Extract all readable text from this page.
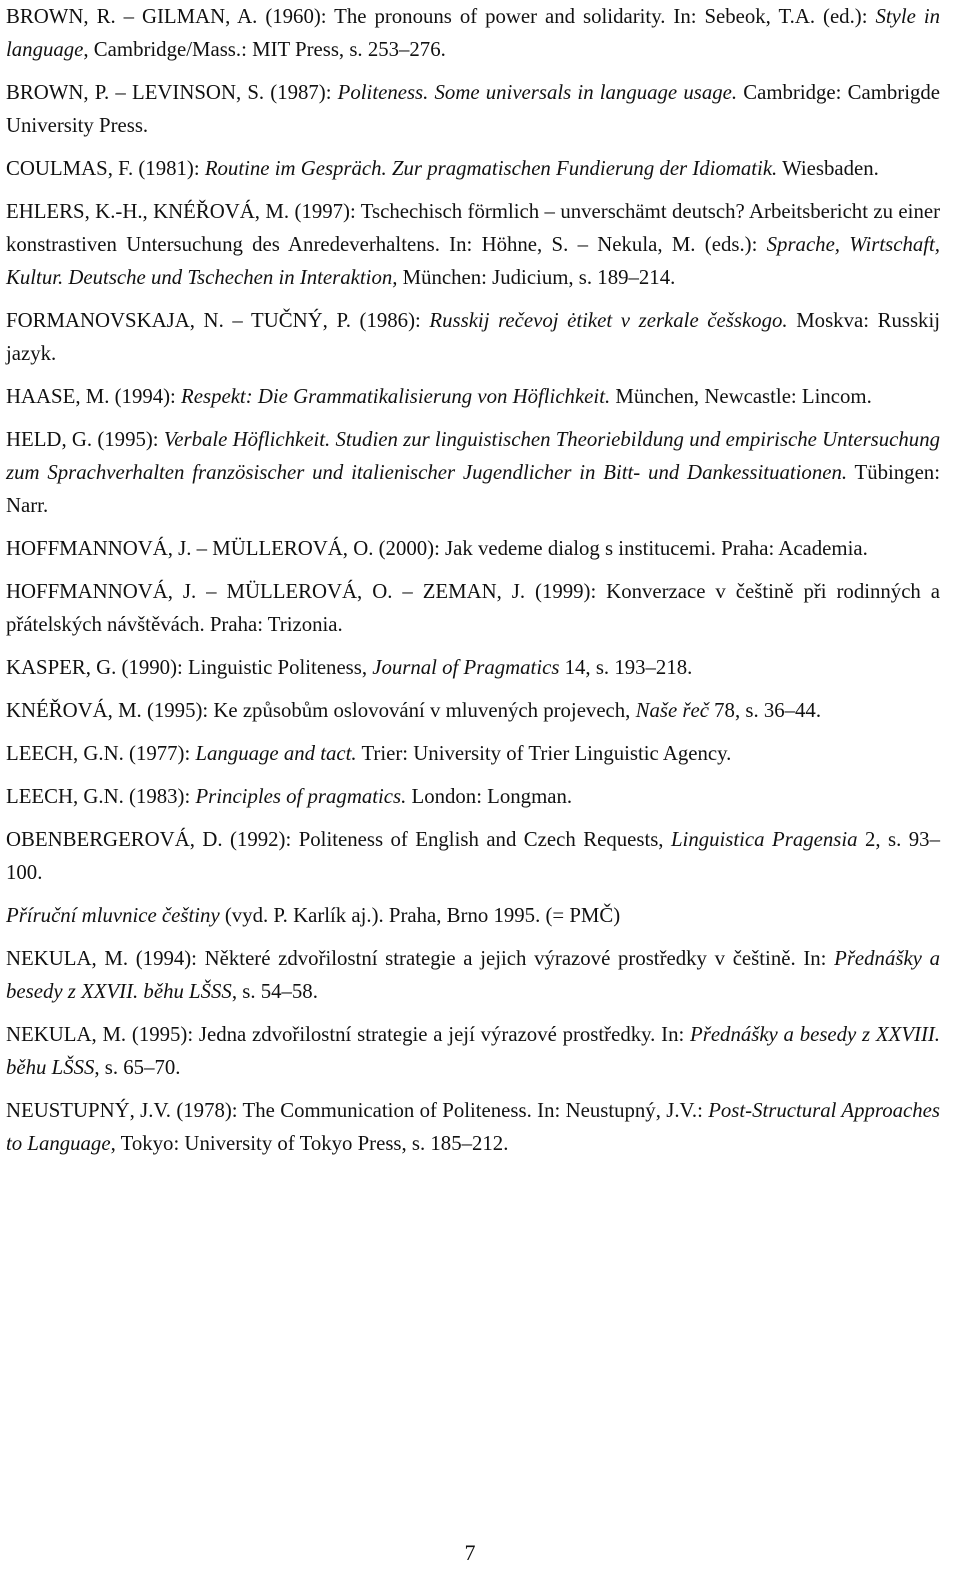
BROWN, R. – GILMAN, A. (1960): The pronouns of power and solidarity. In: Sebeok, T.A. (ed.): Style in language, Cambridge/Mass.: MIT Press, s. 253–276.

BROWN, P. – LEVINSON, S. (1987): Politeness. Some universals in language usage. Cambridge: Cambrigde University Press.

COULMAS, F. (1981): Routine im Gespräch. Zur pragmatischen Fundierung der Idiomatik. Wiesbaden.

EHLERS, K.-H., KNÉŘOVÁ, M. (1997): Tschechisch förmlich – unverschämt deutsch? Arbeitsbericht zu einer konstrastiven Untersuchung des Anredeverhaltens. In: Höhne, S. – Nekula, M. (eds.): Sprache, Wirtschaft, Kultur. Deutsche und Tschechen in Interaktion, München: Judicium, s. 189–214.

FORMANOVSKAJA, N. – TUČNÝ, P. (1986): Russkij rečevoj ėtiket v zerkale češskogo. Moskva: Russkij jazyk.

HAASE, M. (1994): Respekt: Die Grammatikalisierung von Höflichkeit. München, Newcastle: Lincom.

HELD, G. (1995): Verbale Höflichkeit. Studien zur linguistischen Theoriebildung und empirische Untersuchung zum Sprachverhalten französischer und italienischer Jugendlicher in Bitt- und Dankessituationen. Tübingen: Narr.

HOFFMANNOVÁ, J. – MÜLLEROVÁ, O. (2000): Jak vedeme dialog s institucemi. Praha: Academia.

HOFFMANNOVÁ, J. – MÜLLEROVÁ, O. – ZEMAN, J. (1999): Konverzace v češtině při rodinných a přátelských návštěvách. Praha: Trizonia.

KASPER, G. (1990): Linguistic Politeness, Journal of Pragmatics 14, s. 193–218.

KNÉŘOVÁ, M. (1995): Ke způsobům oslovování v mluvených projevech, Naše řeč 78, s. 36–44.

LEECH, G.N. (1977): Language and tact. Trier: University of Trier Linguistic Agency.

LEECH, G.N. (1983): Principles of pragmatics. London: Longman.

OBENBERGEROVÁ, D. (1992): Politeness of English and Czech Requests, Linguistica Pragensia 2, s. 93–100.

Příruční mluvnice češtiny (vyd. P. Karlík aj.). Praha, Brno 1995. (= PMČ)

NEKULA, M. (1994): Některé zdvořilostní strategie a jejich výrazové prostředky v češtině. In: Přednášky a besedy z XXVII. běhu LŠSS, s. 54–58.

NEKULA, M. (1995): Jedna zdvořilostní strategie a její výrazové prostředky. In: Přednášky a besedy z XXVIII. běhu LŠSS, s. 65–70.

NEUSTUPNÝ, J.V. (1978): The Communication of Politeness. In: Neustupný, J.V.: Post-Structural Approaches to Language, Tokyo: University of Tokyo Press, s. 185–212.

7
